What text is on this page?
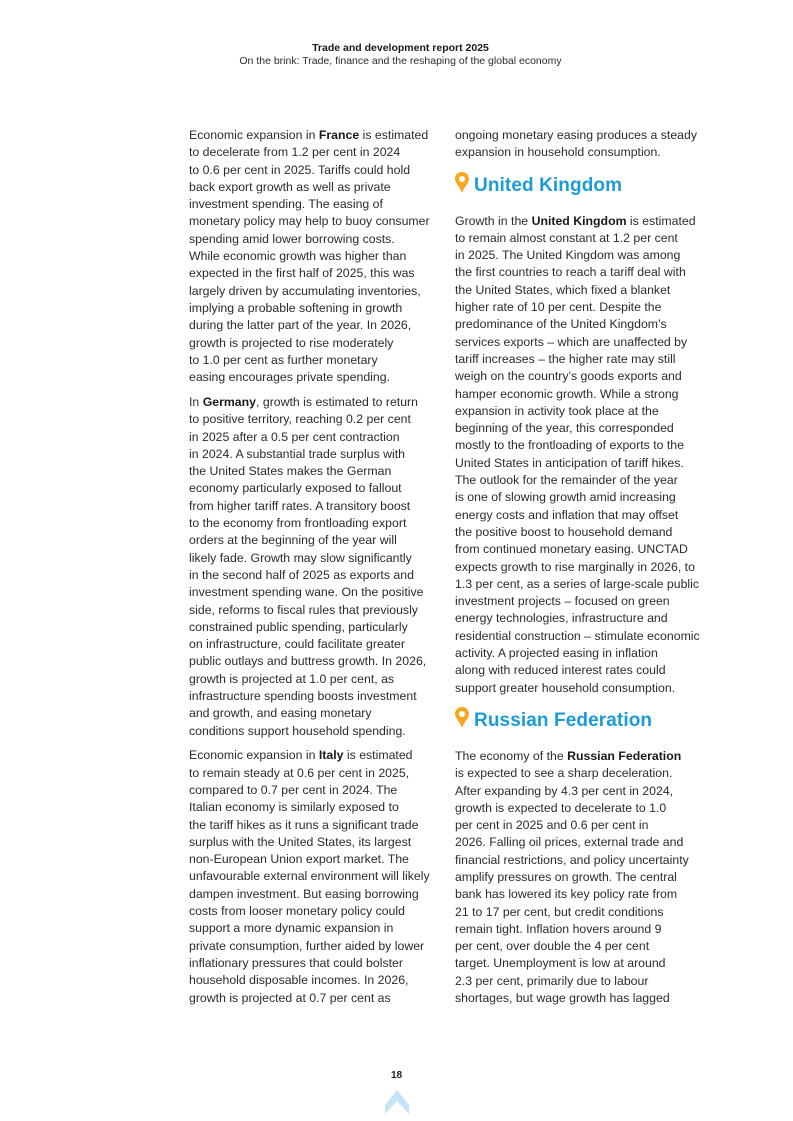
Trade and development report 2025
On the brink: Trade, finance and the reshaping of the global economy

Economic expansion in France is estimated
to decelerate from 1.2 per cent in 2024
to 0.6 per cent in 2025. Tariffs could hold
back export growth as well as private
investment spending. The easing of
monetary policy may help to buoy consumer
spending amid lower borrowing costs.
While economic growth was higher than
expected in the first half of 2025, this was
largely driven by accumulating inventories,
implying a probable softening in growth
during the latter part of the year. In 2026,
growth is projected to rise moderately
to 1.0 per cent as further monetary
easing encourages private spending.

In Germany, growth is estimated to return
to positive territory, reaching 0.2 per cent
in 2025 after a 0.5 per cent contraction
in 2024. A substantial trade surplus with
the United States makes the German
economy particularly exposed to fallout
from higher tariff rates. A transitory boost
to the economy from frontloading export
orders at the beginning of the year will
likely fade. Growth may slow significantly
in the second half of 2025 as exports and
investment spending wane. On the positive
side, reforms to fiscal rules that previously
constrained public spending, particularly
on infrastructure, could facilitate greater
public outlays and buttress growth. In 2026,
growth is projected at 1.0 per cent, as
infrastructure spending boosts investment
and growth, and easing monetary
conditions support household spending.

Economic expansion in Italy is estimated
to remain steady at 0.6 per cent in 2025,
compared to 0.7 per cent in 2024. The
Italian economy is similarly exposed to
the tariff hikes as it runs a significant trade
surplus with the United States, its largest
non-European Union export market. The
unfavourable external environment will likely
dampen investment. But easing borrowing
costs from looser monetary policy could
support a more dynamic expansion in
private consumption, further aided by lower
inflationary pressures that could bolster
household disposable incomes. In 2026,
growth is projected at 0.7 per cent as

ongoing monetary easing produces a steady
expansion in household consumption.

United Kingdom

Growth in the United Kingdom is estimated
to remain almost constant at 1.2 per cent
in 2025. The United Kingdom was among
the first countries to reach a tariff deal with
the United States, which fixed a blanket
higher rate of 10 per cent. Despite the
predominance of the United Kingdom’s
services exports – which are unaffected by
tariff increases – the higher rate may still
weigh on the country’s goods exports and
hamper economic growth. While a strong
expansion in activity took place at the
beginning of the year, this corresponded
mostly to the frontloading of exports to the
United States in anticipation of tariff hikes.
The outlook for the remainder of the year
is one of slowing growth amid increasing
energy costs and inflation that may offset
the positive boost to household demand
from continued monetary easing. UNCTAD
expects growth to rise marginally in 2026, to
1.3 per cent, as a series of large-scale public
investment projects – focused on green
energy technologies, infrastructure and
residential construction – stimulate economic
activity. A projected easing in inflation
along with reduced interest rates could
support greater household consumption.

Russian Federation

The economy of the Russian Federation
is expected to see a sharp deceleration.
After expanding by 4.3 per cent in 2024,
growth is expected to decelerate to 1.0
per cent in 2025 and 0.6 per cent in
2026. Falling oil prices, external trade and
financial restrictions, and policy uncertainty
amplify pressures on growth. The central
bank has lowered its key policy rate from
21 to 17 per cent, but credit conditions
remain tight. Inflation hovers around 9
per cent, over double the 4 per cent
target. Unemployment is low at around
2.3 per cent, primarily due to labour
shortages, but wage growth has lagged

18
